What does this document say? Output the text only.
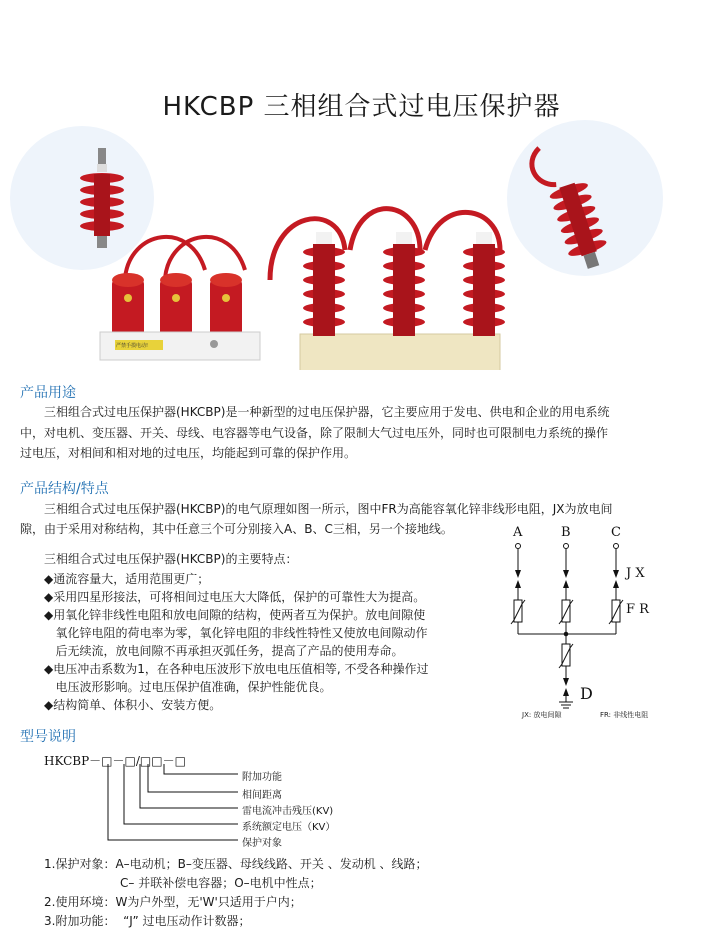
HKCBP 三相组合式过电压保护器
严禁手摸电动!
产品用途
三相组合式过电压保护器(HKCBP)是一种新型的过电压保护器，它主要应用于发电、供电和企业的用电系统
中，对电机、变压器、开关、母线、电容器等电气设备，除了限制大气过电压外，同时也可限制电力系统的操作
过电压，对相间和相对地的过电压，均能起到可靠的保护作用。
产品结构/特点
三相组合式过电压保护器(HKCBP)的电气原理如图一所示，图中FR为高能容氧化锌非线形电阻，JX为放电间
隙，由于采用对称结构，其中任意三个可分别接入A、B、C三相，另一个接地线。
三相组合式过电压保护器(HKCBP)的主要特点：
◆通流容量大，适用范围更广；
◆采用四星形接法，可将相间过电压大大降低，保护的可靠性大为提高。
◆用氧化锌非线性电阻和放电间隙的结构，使两者互为保护。放电间隙使
氧化锌电阻的荷电率为零，氧化锌电阻的非线性特性又使放电间隙动作
后无续流，放电间隙不再承担灭弧任务，提高了产品的使用寿命。
◆电压冲击系数为1，在各种电压波形下放电电压值相等, 不受各种操作过
电压波形影响。过电压保护值准确，保护性能优良。
◆结构简单、体积小、安装方便。
A	B	C
J X
F R
D
JX: 放电间隙	FR: 非线性电阻
型号说明
HKCBP－□－□/□□－□
附加功能
相间距离
雷电流冲击残压(KV)
系统额定电压（KV）
保护对象
1.保护对象：A–电动机；B–变压器、母线线路、开关 、发动机 、线路；
C– 并联补偿电容器；O–电机中性点；
2.使用环境：W为户外型，无'W'只适用于户内；
3.附加功能：  “J” 过电压动作计数器；
